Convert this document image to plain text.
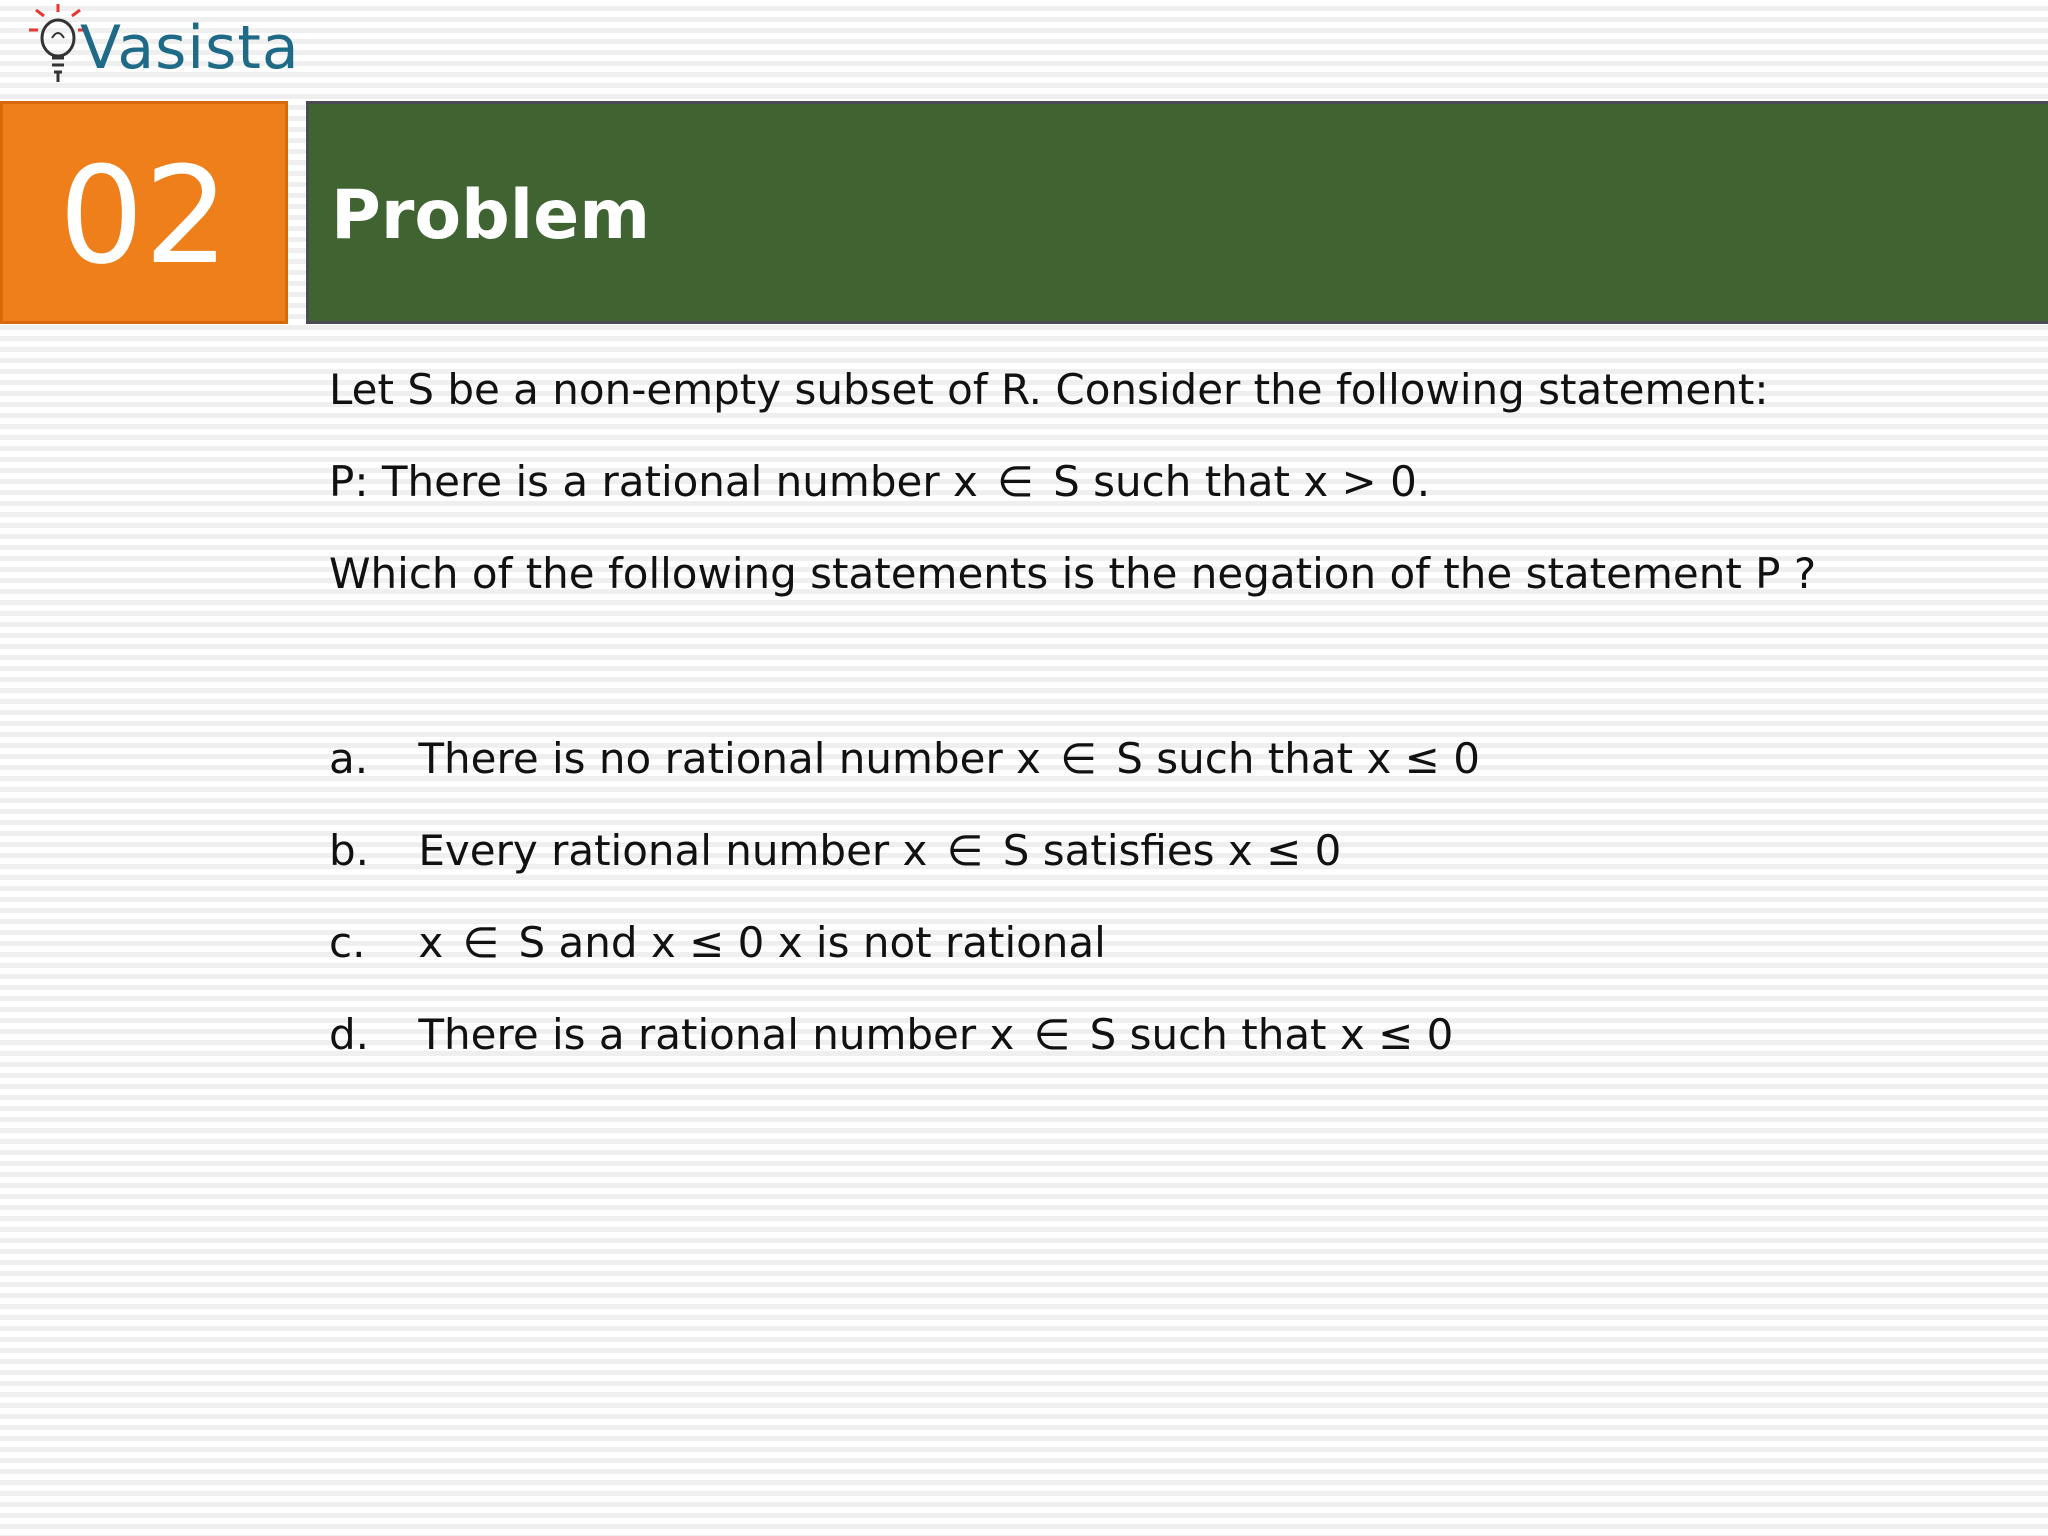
Vasista
02 Problem
Let S be a non-empty subset of R. Consider the following statement:
P: There is a rational number x ∈ S such that x > 0.
Which of the following statements is the negation of the statement P ?
a. There is no rational number x ∈ S such that x ≤ 0
b. Every rational number x ∈ S satisfies x ≤ 0
c. x ∈ S and x ≤ 0 x is not rational
d. There is a rational number x ∈ S such that x ≤ 0
